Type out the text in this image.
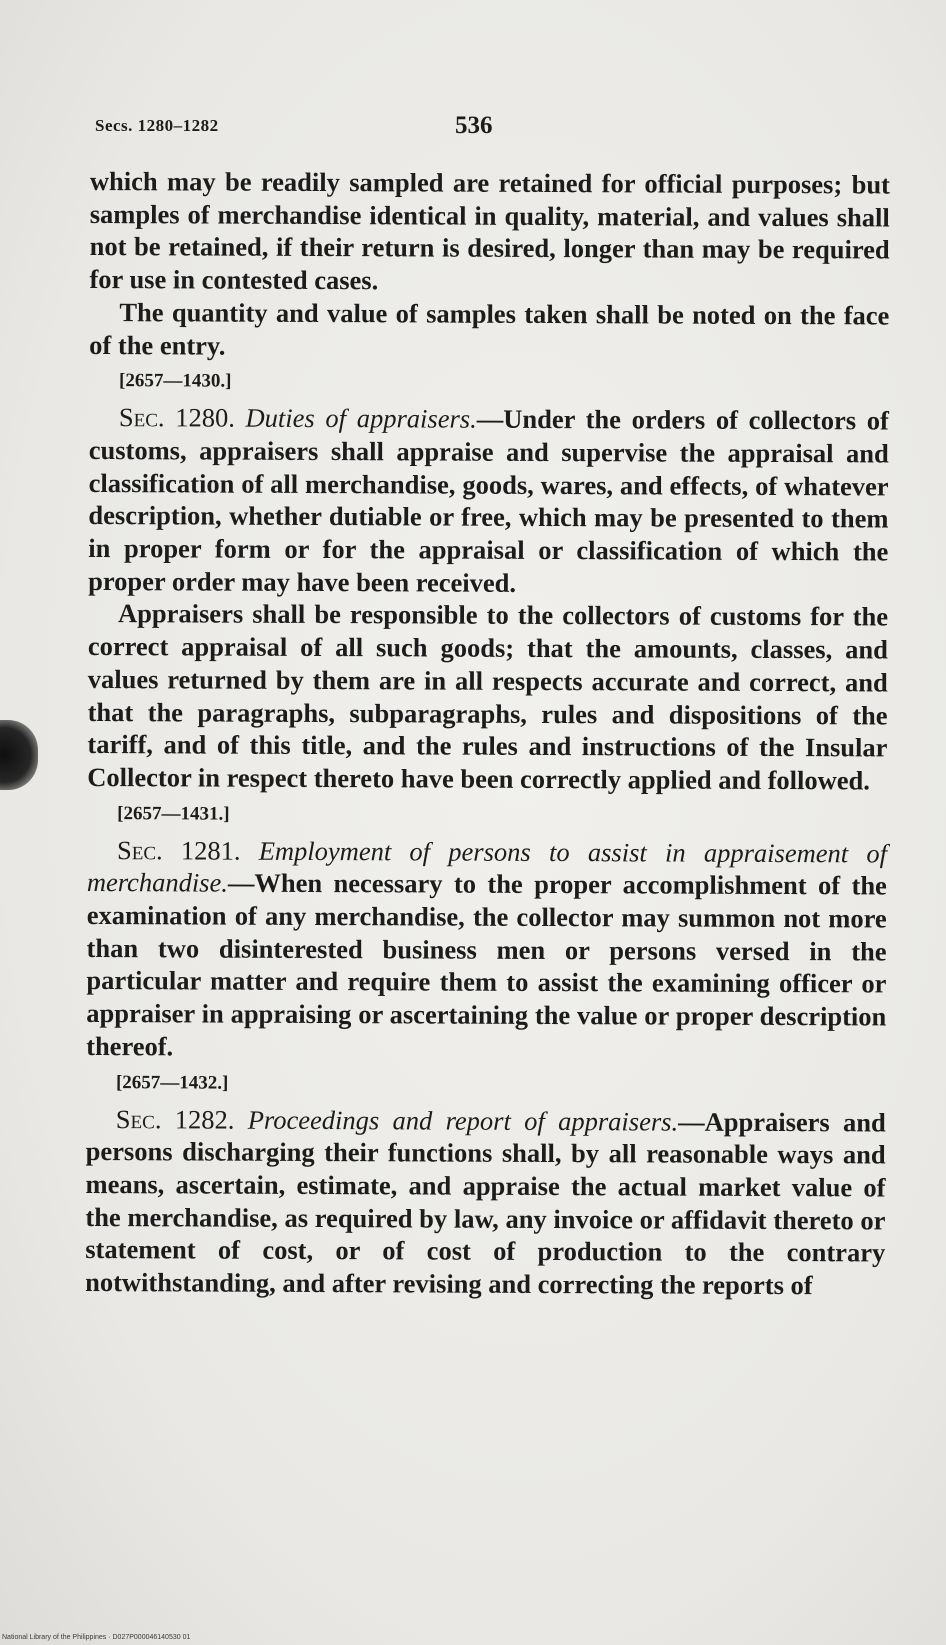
Secs. 1280–1282	536

which may be readily sampled are retained for official purposes; but samples of merchandise identical in quality, material, and values shall not be retained, if their return is desired, longer than may be required for use in contested cases.

The quantity and value of samples taken shall be noted on the face of the entry.

[2657—1430.]

Sec. 1280. Duties of appraisers.—Under the orders of collectors of customs, appraisers shall appraise and supervise the appraisal and classification of all merchandise, goods, wares, and effects, of whatever description, whether dutiable or free, which may be presented to them in proper form or for the appraisal or classification of which the proper order may have been received.

Appraisers shall be responsible to the collectors of customs for the correct appraisal of all such goods; that the amounts, classes, and values returned by them are in all respects accurate and correct, and that the paragraphs, subparagraphs, rules and dispositions of the tariff, and of this title, and the rules and instructions of the Insular Collector in respect thereto have been correctly applied and followed.

[2657—1431.]

Sec. 1281. Employment of persons to assist in appraisement of merchandise.—When necessary to the proper accomplishment of the examination of any merchandise, the collector may summon not more than two disinterested business men or persons versed in the particular matter and require them to assist the examining officer or appraiser in appraising or ascertaining the value or proper description thereof.

[2657—1432.]

Sec. 1282. Proceedings and report of appraisers.—Appraisers and persons discharging their functions shall, by all reasonable ways and means, ascertain, estimate, and appraise the actual market value of the merchandise, as required by law, any invoice or affidavit thereto or statement of cost, or of cost of production to the contrary notwithstanding, and after revising and correcting the reports of

National Library of the Philippines · D027P000046140530 01
